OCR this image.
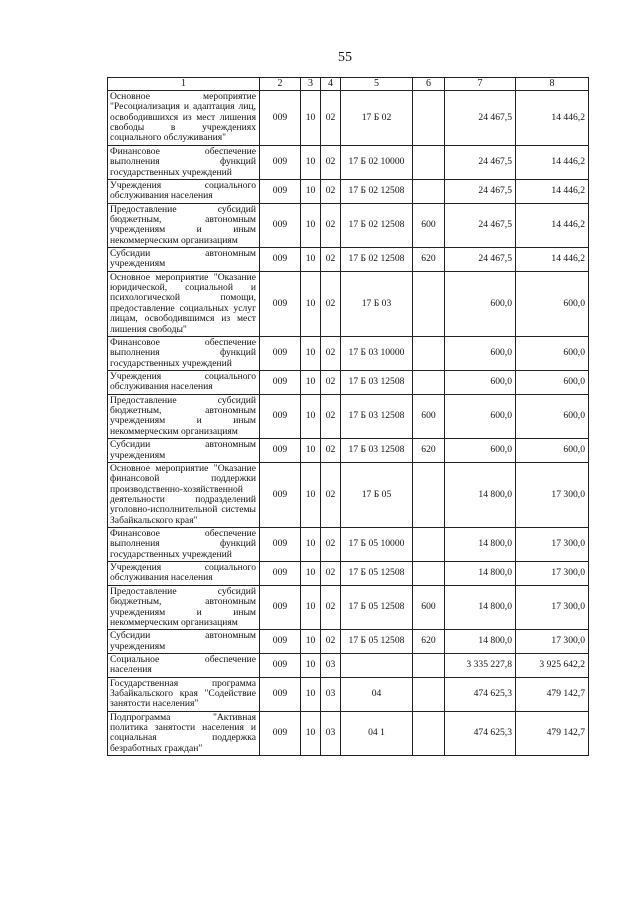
55
1	2	3	4	5	6	7	8
Основное мероприятие "Ресоциализация и адаптация лиц, освободившихся из мест лишения свободы в учреждениях социального обслуживания"	009	10	02	17 Б 02		24 467,5	14 446,2
Финансовое обеспечение выполнения функций государственных учреждений	009	10	02	17 Б 02 10000		24 467,5	14 446,2
Учреждения социального обслуживания населения	009	10	02	17 Б 02 12508		24 467,5	14 446,2
Предоставление субсидий бюджетным, автономным учреждениям и иным некоммерческим организациям	009	10	02	17 Б 02 12508	600	24 467,5	14 446,2
Субсидии автономным учреждениям	009	10	02	17 Б 02 12508	620	24 467,5	14 446,2
Основное мероприятие "Оказание юридической, социальной и психологической помощи, предоставление социальных услуг лицам, освободившимся из мест лишения свободы"	009	10	02	17 Б 03		600,0	600,0
Финансовое обеспечение выполнения функций государственных учреждений	009	10	02	17 Б 03 10000		600,0	600,0
Учреждения социального обслуживания населения	009	10	02	17 Б 03 12508		600,0	600,0
Предоставление субсидий бюджетным, автономным учреждениям и иным некоммерческим организациям	009	10	02	17 Б 03 12508	600	600,0	600,0
Субсидии автономным учреждениям	009	10	02	17 Б 03 12508	620	600,0	600,0
Основное мероприятие "Оказание финансовой поддержки производственно-хозяйственной деятельности подразделений уголовно-исполнительной системы Забайкальского края"	009	10	02	17 Б 05		14 800,0	17 300,0
Финансовое обеспечение выполнения функций государственных учреждений	009	10	02	17 Б 05 10000		14 800,0	17 300,0
Учреждения социального обслуживания населения	009	10	02	17 Б 05 12508		14 800,0	17 300,0
Предоставление субсидий бюджетным, автономным учреждениям и иным некоммерческим организациям	009	10	02	17 Б 05 12508	600	14 800,0	17 300,0
Субсидии автономным учреждениям	009	10	02	17 Б 05 12508	620	14 800,0	17 300,0
Социальное обеспечение населения	009	10	03			3 335 227,8	3 925 642,2
Государственная программа Забайкальского края "Содействие занятости населения"	009	10	03	04		474 625,3	479 142,7
Подпрограмма "Активная политика занятости населения и социальная поддержка безработных граждан"	009	10	03	04 1		474 625,3	479 142,7
